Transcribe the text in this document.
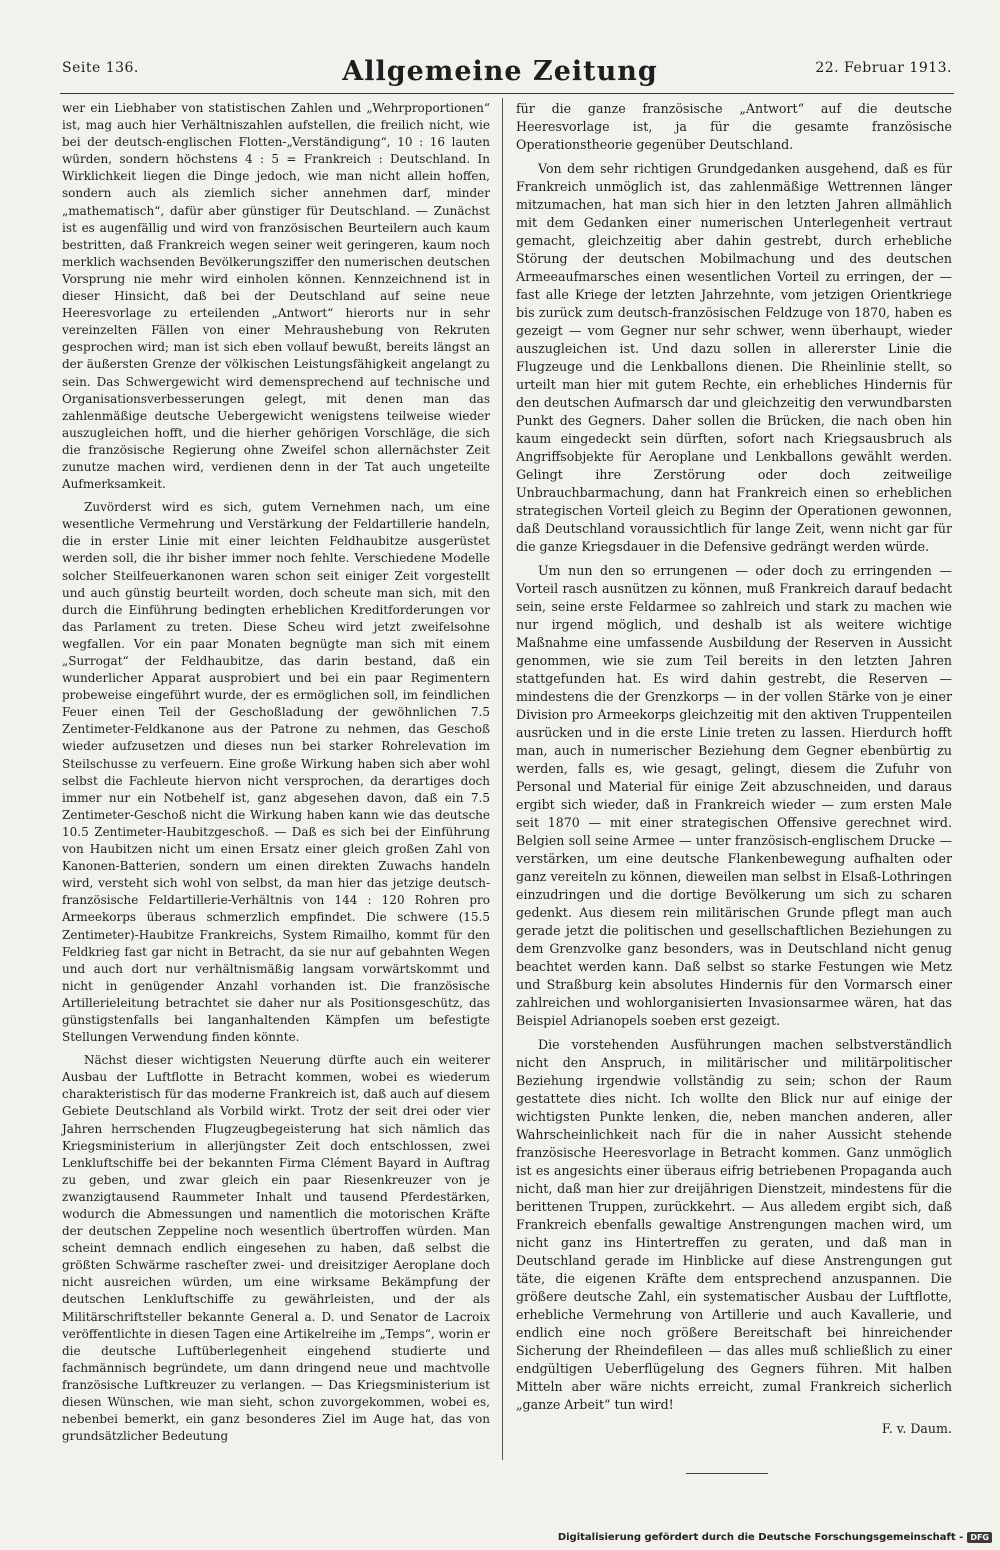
Seite 136.	Allgemeine Zeitung	22. Februar 1913.

wer ein Liebhaber von statistischen Zahlen und „Wehrproportionen“ ist, mag auch hier Verhältniszahlen aufstellen, die freilich nicht, wie bei der deutsch-englischen Flotten-„Verständigung“, 10 : 16 lauten würden, sondern höchstens 4 : 5 = Frankreich : Deutschland. In Wirklichkeit liegen die Dinge jedoch, wie man nicht allein hoffen, sondern auch als ziemlich sicher annehmen darf, minder „mathematisch“, dafür aber günstiger für Deutschland. — Zunächst ist es augenfällig und wird von französischen Beurteilern auch kaum bestritten, daß Frankreich wegen seiner weit geringeren, kaum noch merklich wachsenden Bevölkerungsziffer den numerischen deutschen Vorsprung nie mehr wird einholen können. Kennzeichnend ist in dieser Hinsicht, daß bei der Deutschland auf seine neue Heeresvorlage zu erteilenden „Antwort“ hierorts nur in sehr vereinzelten Fällen von einer Mehraushebung von Rekruten gesprochen wird; man ist sich eben vollauf bewußt, bereits längst an der äußersten Grenze der völkischen Leistungsfähigkeit angelangt zu sein. Das Schwergewicht wird demensprechend auf technische und Organisationsverbesserungen gelegt, mit denen man das zahlenmäßige deutsche Uebergewicht wenigstens teilweise wieder auszugleichen hofft, und die hierher gehörigen Vorschläge, die sich die französische Regierung ohne Zweifel schon allernächster Zeit zunutze machen wird, verdienen denn in der Tat auch ungeteilte Aufmerksamkeit.

Zuvörderst wird es sich, gutem Vernehmen nach, um eine wesentliche Vermehrung und Verstärkung der Feldartillerie handeln, die in erster Linie mit einer leichten Feldhaubitze ausgerüstet werden soll, die ihr bisher immer noch fehlte. Verschiedene Modelle solcher Steilfeuerkanonen waren schon seit einiger Zeit vorgestellt und auch günstig beurteilt worden, doch scheute man sich, mit den durch die Einführung bedingten erheblichen Kreditforderungen vor das Parlament zu treten. Diese Scheu wird jetzt zweifelsohne wegfallen. Vor ein paar Monaten begnügte man sich mit einem „Surrogat“ der Feldhaubitze, das darin bestand, daß ein wunderlicher Apparat ausprobiert und bei ein paar Regimentern probeweise eingeführt wurde, der es ermöglichen soll, im feindlichen Feuer einen Teil der Geschoßladung der gewöhnlichen 7.5 Zentimeter-Feldkanone aus der Patrone zu nehmen, das Geschoß wieder aufzusetzen und dieses nun bei starker Rohrelevation im Steilschusse zu verfeuern. Eine große Wirkung haben sich aber wohl selbst die Fachleute hiervon nicht versprochen, da derartiges doch immer nur ein Notbehelf ist, ganz abgesehen davon, daß ein 7.5 Zentimeter-Geschoß nicht die Wirkung haben kann wie das deutsche 10.5 Zentimeter-Haubitzgeschoß. — Daß es sich bei der Einführung von Haubitzen nicht um einen Ersatz einer gleich großen Zahl von Kanonen-Batterien, sondern um einen direkten Zuwachs handeln wird, versteht sich wohl von selbst, da man hier das jetzige deutsch-französische Feldartillerie-Verhältnis von 144 : 120 Rohren pro Armeekorps überaus schmerzlich empfindet. Die schwere (15.5 Zentimeter)-Haubitze Frankreichs, System Rimailho, kommt für den Feldkrieg fast gar nicht in Betracht, da sie nur auf gebahnten Wegen und auch dort nur verhältnismäßig langsam vorwärtskommt und nicht in genügender Anzahl vorhanden ist. Die französische Artillerieleitung betrachtet sie daher nur als Positionsgeschütz, das günstigstenfalls bei langanhaltenden Kämpfen um befestigte Stellungen Verwendung finden könnte.

Nächst dieser wichtigsten Neuerung dürfte auch ein weiterer Ausbau der Luftflotte in Betracht kommen, wobei es wiederum charakteristisch für das moderne Frankreich ist, daß auch auf diesem Gebiete Deutschland als Vorbild wirkt. Trotz der seit drei oder vier Jahren herrschenden Flugzeugbegeisterung hat sich nämlich das Kriegsministerium in allerjüngster Zeit doch entschlossen, zwei Lenkluftschiffe bei der bekannten Firma Clément Bayard in Auftrag zu geben, und zwar gleich ein paar Riesenkreuzer von je zwanzigtausend Raummeter Inhalt und tausend Pferdestärken, wodurch die Abmessungen und namentlich die motorischen Kräfte der deutschen Zeppeline noch wesentlich übertroffen würden. Man scheint demnach endlich eingesehen zu haben, daß selbst die größten Schwärme rascheſter zwei- und dreisitziger Aeroplane doch nicht ausreichen würden, um eine wirksame Bekämpfung der deutschen Lenkluftschiffe zu gewährleisten, und der als Militärschriftsteller bekannte General a. D. und Senator de Lacroix veröffentlichte in diesen Tagen eine Artikelreihe im „Temps“, worin er die deutsche Luftüberlegenheit eingehend studierte und fachmännisch begründete, um dann dringend neue und machtvolle französische Luftkreuzer zu verlangen. — Das Kriegsministerium ist diesen Wünschen, wie man sieht, schon zuvorgekommen, wobei es, nebenbei bemerkt, ein ganz besonderes Ziel im Auge hat, das von grundsätzlicher Bedeutung

für die ganze französische „Antwort“ auf die deutsche Heeresvorlage ist, ja für die gesamte französische Operationstheorie gegenüber Deutschland.

Von dem sehr richtigen Grundgedanken ausgehend, daß es für Frankreich unmöglich ist, das zahlenmäßige Wettrennen länger mitzumachen, hat man sich hier in den letzten Jahren allmählich mit dem Gedanken einer numerischen Unterlegenheit vertraut gemacht, gleichzeitig aber dahin gestrebt, durch erhebliche Störung der deutschen Mobilmachung und des deutschen Armeeaufmarsches einen wesentlichen Vorteil zu erringen, der — fast alle Kriege der letzten Jahrzehnte, vom jetzigen Orientkriege bis zurück zum deutsch-französischen Feldzuge von 1870, haben es gezeigt — vom Gegner nur sehr schwer, wenn überhaupt, wieder auszugleichen ist. Und dazu sollen in allererster Linie die Flugzeuge und die Lenkballons dienen. Die Rheinlinie stellt, so urteilt man hier mit gutem Rechte, ein erhebliches Hindernis für den deutschen Aufmarsch dar und gleichzeitig den verwundbarsten Punkt des Gegners. Daher sollen die Brücken, die nach oben hin kaum eingedeckt sein dürften, sofort nach Kriegsausbruch als Angriffsobjekte für Aeroplane und Lenkballons gewählt werden. Gelingt ihre Zerstörung oder doch zeitweilige Unbrauchbarmachung, dann hat Frankreich einen so erheblichen strategischen Vorteil gleich zu Beginn der Operationen gewonnen, daß Deutschland voraussichtlich für lange Zeit, wenn nicht gar für die ganze Kriegsdauer in die Defensive gedrängt werden würde.

Um nun den so errungenen — oder doch zu erringenden — Vorteil rasch ausnützen zu können, muß Frankreich darauf bedacht sein, seine erste Feldarmee so zahlreich und stark zu machen wie nur irgend möglich, und deshalb ist als weitere wichtige Maßnahme eine umfassende Ausbildung der Reserven in Aussicht genommen, wie sie zum Teil bereits in den letzten Jahren stattgefunden hat. Es wird dahin gestrebt, die Reserven — mindestens die der Grenzkorps — in der vollen Stärke von je einer Division pro Armeekorps gleichzeitig mit den aktiven Truppenteilen ausrücken und in die erste Linie treten zu lassen. Hierdurch hofft man, auch in numerischer Beziehung dem Gegner ebenbürtig zu werden, falls es, wie gesagt, gelingt, diesem die Zufuhr von Personal und Material für einige Zeit abzuschneiden, und daraus ergibt sich wieder, daß in Frankreich wieder — zum ersten Male seit 1870 — mit einer strategischen Offensive gerechnet wird. Belgien soll seine Armee — unter französisch-englischem Drucke — verstärken, um eine deutsche Flankenbewegung aufhalten oder ganz vereiteln zu können, dieweilen man selbst in Elsaß-Lothringen einzudringen und die dortige Bevölkerung um sich zu scharen gedenkt. Aus diesem rein militärischen Grunde pflegt man auch gerade jetzt die politischen und gesellschaftlichen Beziehungen zu dem Grenzvolke ganz besonders, was in Deutschland nicht genug beachtet werden kann. Daß selbst so starke Festungen wie Metz und Straßburg kein absolutes Hindernis für den Vormarsch einer zahlreichen und wohlorganisierten Invasionsarmee wären, hat das Beispiel Adrianopels soeben erst gezeigt.

Die vorstehenden Ausführungen machen selbstverständlich nicht den Anspruch, in militärischer und militärpolitischer Beziehung irgendwie vollständig zu sein; schon der Raum gestattete dies nicht. Ich wollte den Blick nur auf einige der wichtigsten Punkte lenken, die, neben manchen anderen, aller Wahrscheinlichkeit nach für die in naher Aussicht stehende französische Heeresvorlage in Betracht kommen. Ganz unmöglich ist es angesichts einer überaus eifrig betriebenen Propaganda auch nicht, daß man hier zur dreijährigen Dienstzeit, mindestens für die berittenen Truppen, zurückkehrt. — Aus alledem ergibt sich, daß Frankreich ebenfalls gewaltige Anstrengungen machen wird, um nicht ganz ins Hintertreffen zu geraten, und daß man in Deutschland gerade im Hinblicke auf diese Anstrengungen gut täte, die eigenen Kräfte dem entsprechend anzuspannen. Die größere deutsche Zahl, ein systematischer Ausbau der Luftflotte, erhebliche Vermehrung von Artillerie und auch Kavallerie, und endlich eine noch größere Bereitschaft bei hinreichender Sicherung der Rheindefileen — das alles muß schließlich zu einer endgültigen Ueberflügelung des Gegners führen. Mit halben Mitteln aber wäre nichts erreicht, zumal Frankreich sicherlich „ganze Arbeit“ tun wird!

F. v. Daum.
Digitalisierung gefördert durch die Deutsche Forschungsgemeinschaft - DFG
